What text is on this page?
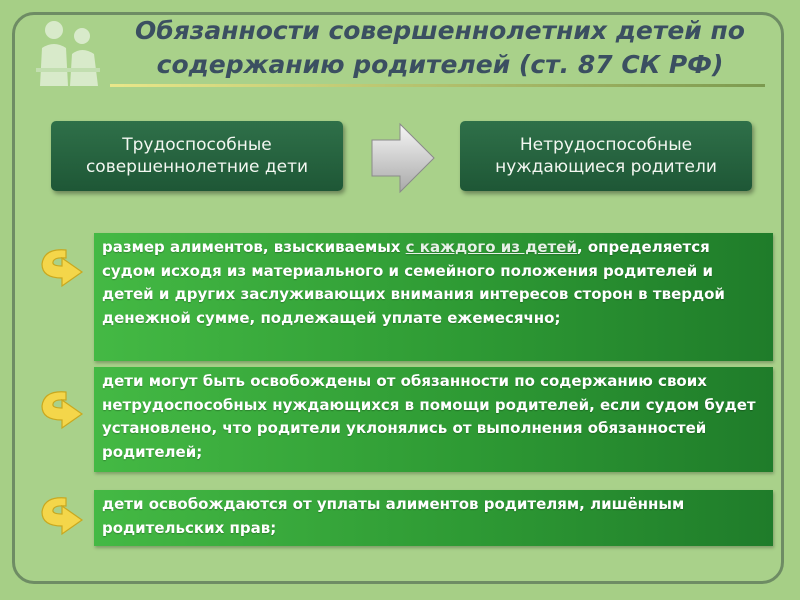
Обязанности совершеннолетних детей по
содержанию родителей (ст. 87 СК РФ)
Трудоспособные
совершеннолетние дети
Нетрудоспособные
нуждающиеся родители
размер алиментов, взыскиваемых с каждого из детей, определяется судом исходя из материального и семейного положения родителей и детей и других заслуживающих внимания интересов сторон в твердой денежной сумме, подлежащей уплате ежемесячно;
дети могут быть освобождены от обязанности по содержанию своих нетрудоспособных нуждающихся в помощи родителей, если судом будет установлено, что родители уклонялись от выполнения обязанностей родителей;
дети освобождаются от уплаты алиментов родителям, лишённым родительских прав;
